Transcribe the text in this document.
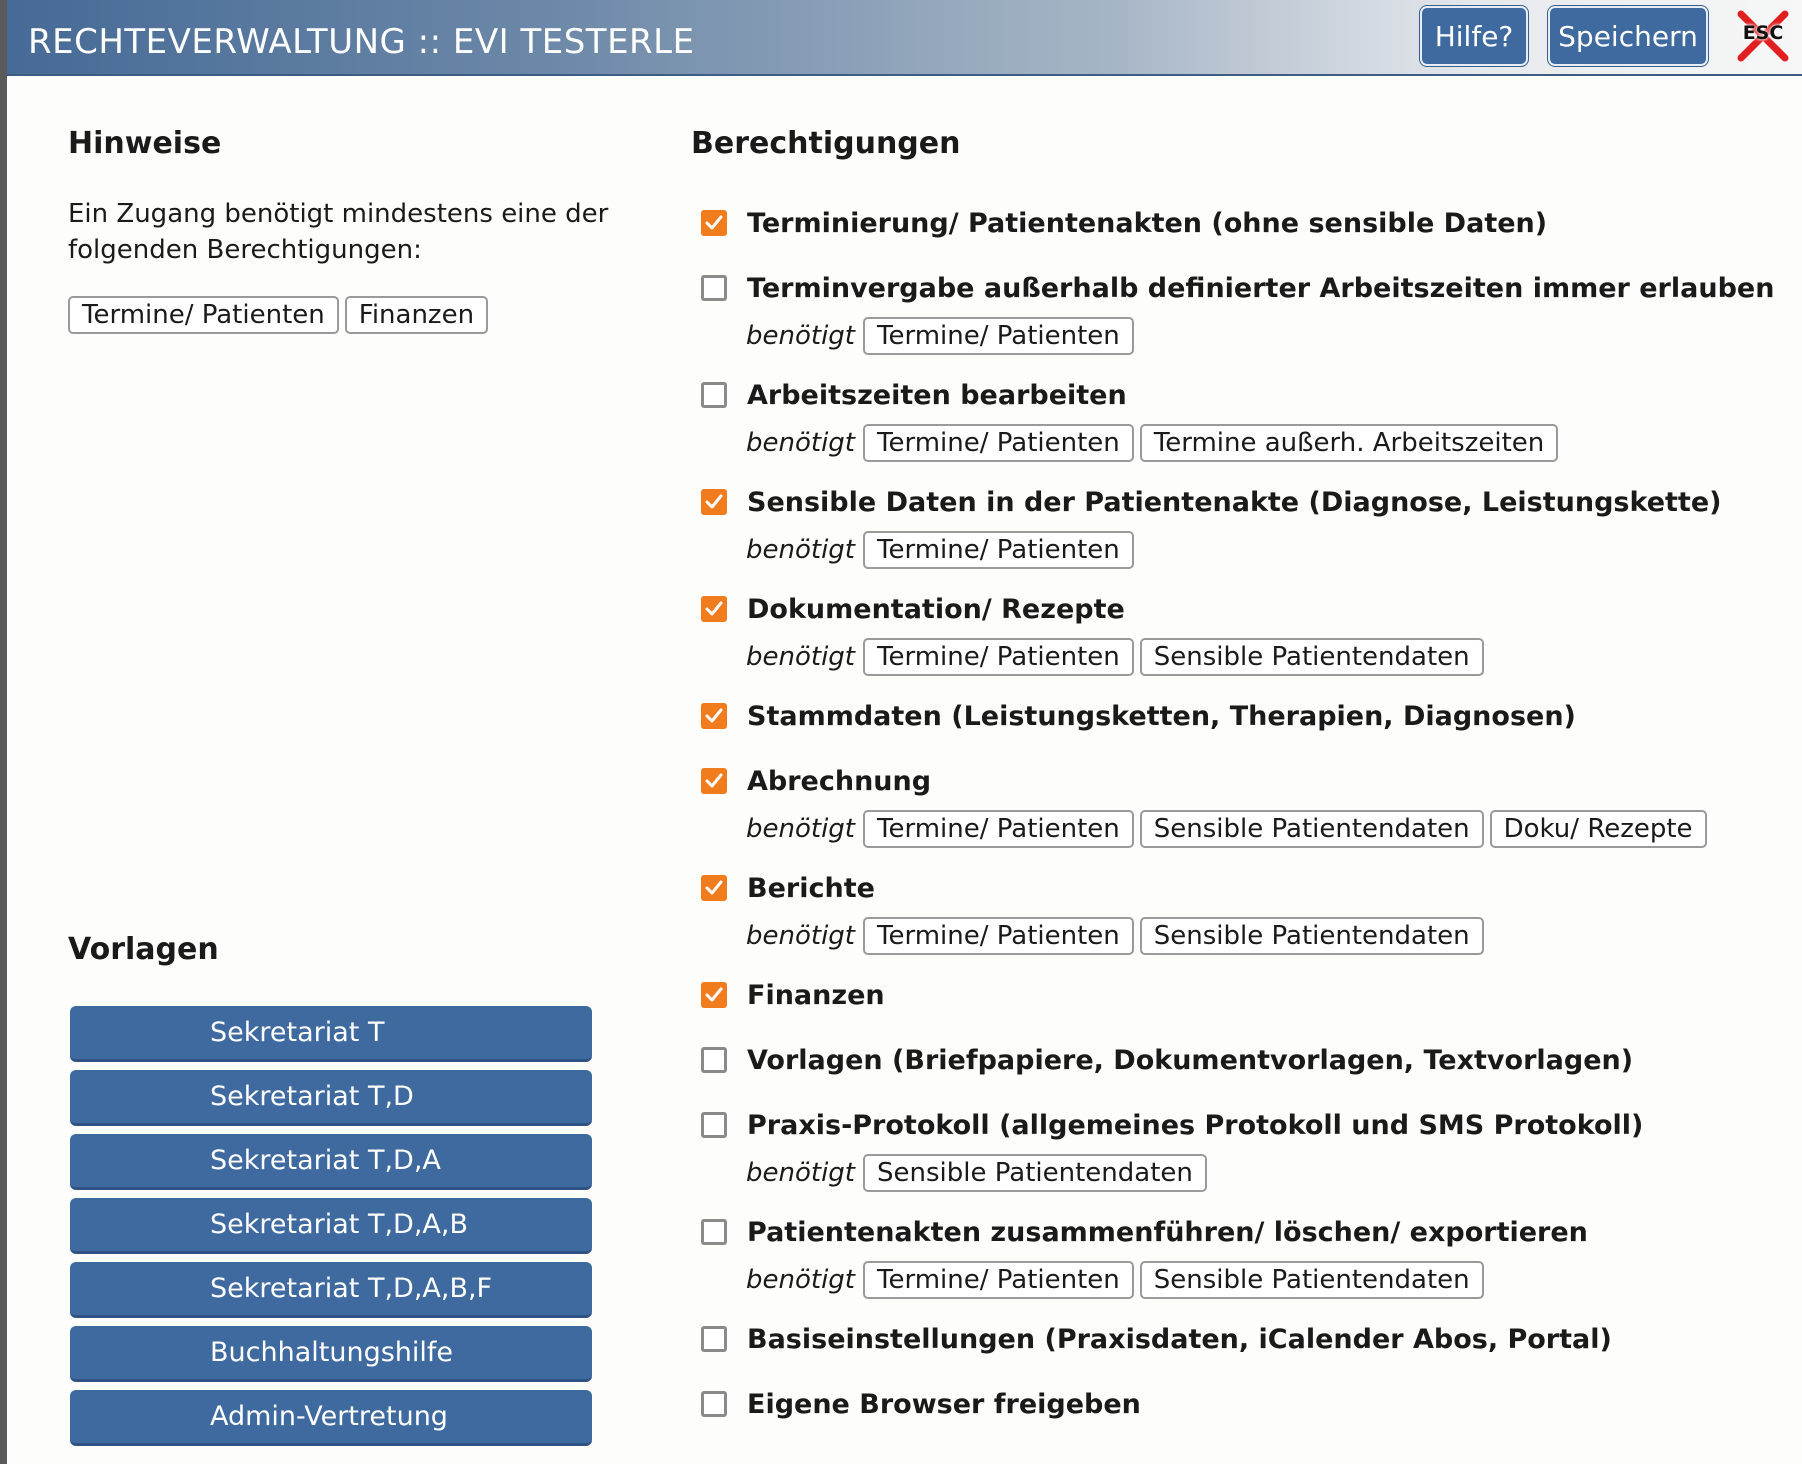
RECHTEVERWALTUNG :: EVI TESTERLE	Hilfe?	Speichern	ESC
Hinweise
Ein Zugang benötigt mindestens eine der folgenden Berechtigungen:
Termine/ Patienten	Finanzen
Vorlagen
Sekretariat T
Sekretariat T,D
Sekretariat T,D,A
Sekretariat T,D,A,B
Sekretariat T,D,A,B,F
Buchhaltungshilfe
Admin-Vertretung
Berechtigungen
Terminierung/ Patientenakten (ohne sensible Daten)
Terminvergabe außerhalb definierter Arbeitszeiten immer erlauben
benötigt Termine/ Patienten
Arbeitszeiten bearbeiten
benötigt Termine/ Patienten	Termine außerh. Arbeitszeiten
Sensible Daten in der Patientenakte (Diagnose, Leistungskette)
benötigt Termine/ Patienten
Dokumentation/ Rezepte
benötigt Termine/ Patienten	Sensible Patientendaten
Stammdaten (Leistungsketten, Therapien, Diagnosen)
Abrechnung
benötigt Termine/ Patienten	Sensible Patientendaten	Doku/ Rezepte
Berichte
benötigt Termine/ Patienten	Sensible Patientendaten
Finanzen
Vorlagen (Briefpapiere, Dokumentvorlagen, Textvorlagen)
Praxis-Protokoll (allgemeines Protokoll und SMS Protokoll)
benötigt Sensible Patientendaten
Patientenakten zusammenführen/ löschen/ exportieren
benötigt Termine/ Patienten	Sensible Patientendaten
Basiseinstellungen (Praxisdaten, iCalender Abos, Portal)
Eigene Browser freigeben
